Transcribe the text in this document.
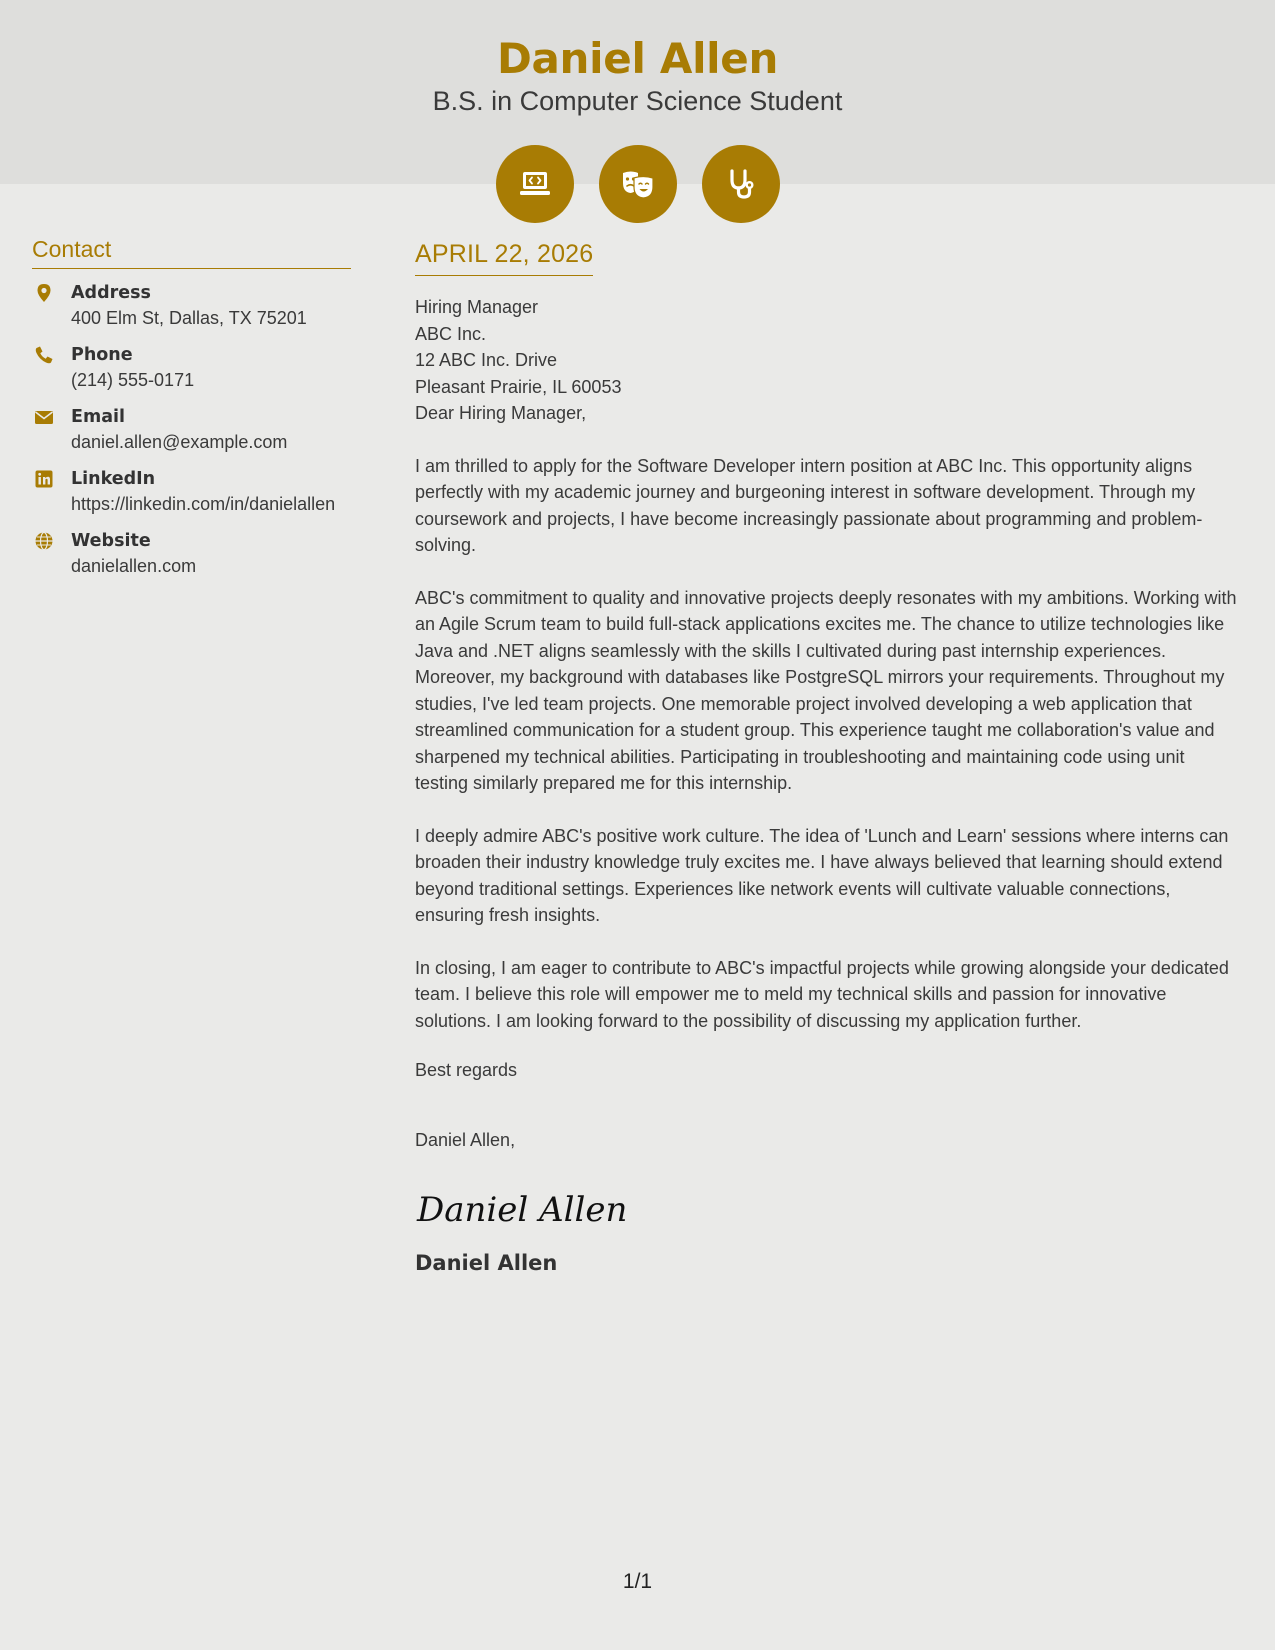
Daniel Allen
B.S. in Computer Science Student
Contact
Address
400 Elm St, Dallas, TX 75201
Phone
(214) 555-0171
Email
daniel.allen@example.com
LinkedIn
https://linkedin.com/in/danielallen
Website
danielallen.com
APRIL 22, 2026
Hiring Manager
ABC Inc.
12 ABC Inc. Drive
Pleasant Prairie, IL 60053
Dear Hiring Manager,

I am thrilled to apply for the Software Developer intern position at ABC Inc. This opportunity aligns perfectly with my academic journey and burgeoning interest in software development. Through my coursework and projects, I have become increasingly passionate about programming and problem-solving.

ABC's commitment to quality and innovative projects deeply resonates with my ambitions. Working with an Agile Scrum team to build full-stack applications excites me. The chance to utilize technologies like Java and .NET aligns seamlessly with the skills I cultivated during past internship experiences. Moreover, my background with databases like PostgreSQL mirrors your requirements. Throughout my studies, I've led team projects. One memorable project involved developing a web application that streamlined communication for a student group. This experience taught me collaboration's value and sharpened my technical abilities. Participating in troubleshooting and maintaining code using unit testing similarly prepared me for this internship.

I deeply admire ABC's positive work culture. The idea of 'Lunch and Learn' sessions where interns can broaden their industry knowledge truly excites me. I have always believed that learning should extend beyond traditional settings. Experiences like network events will cultivate valuable connections, ensuring fresh insights.

In closing, I am eager to contribute to ABC's impactful projects while growing alongside your dedicated team. I believe this role will empower me to meld my technical skills and passion for innovative solutions. I am looking forward to the possibility of discussing my application further.

Best regards
Daniel Allen,
Daniel Allen
Daniel Allen
1/1
